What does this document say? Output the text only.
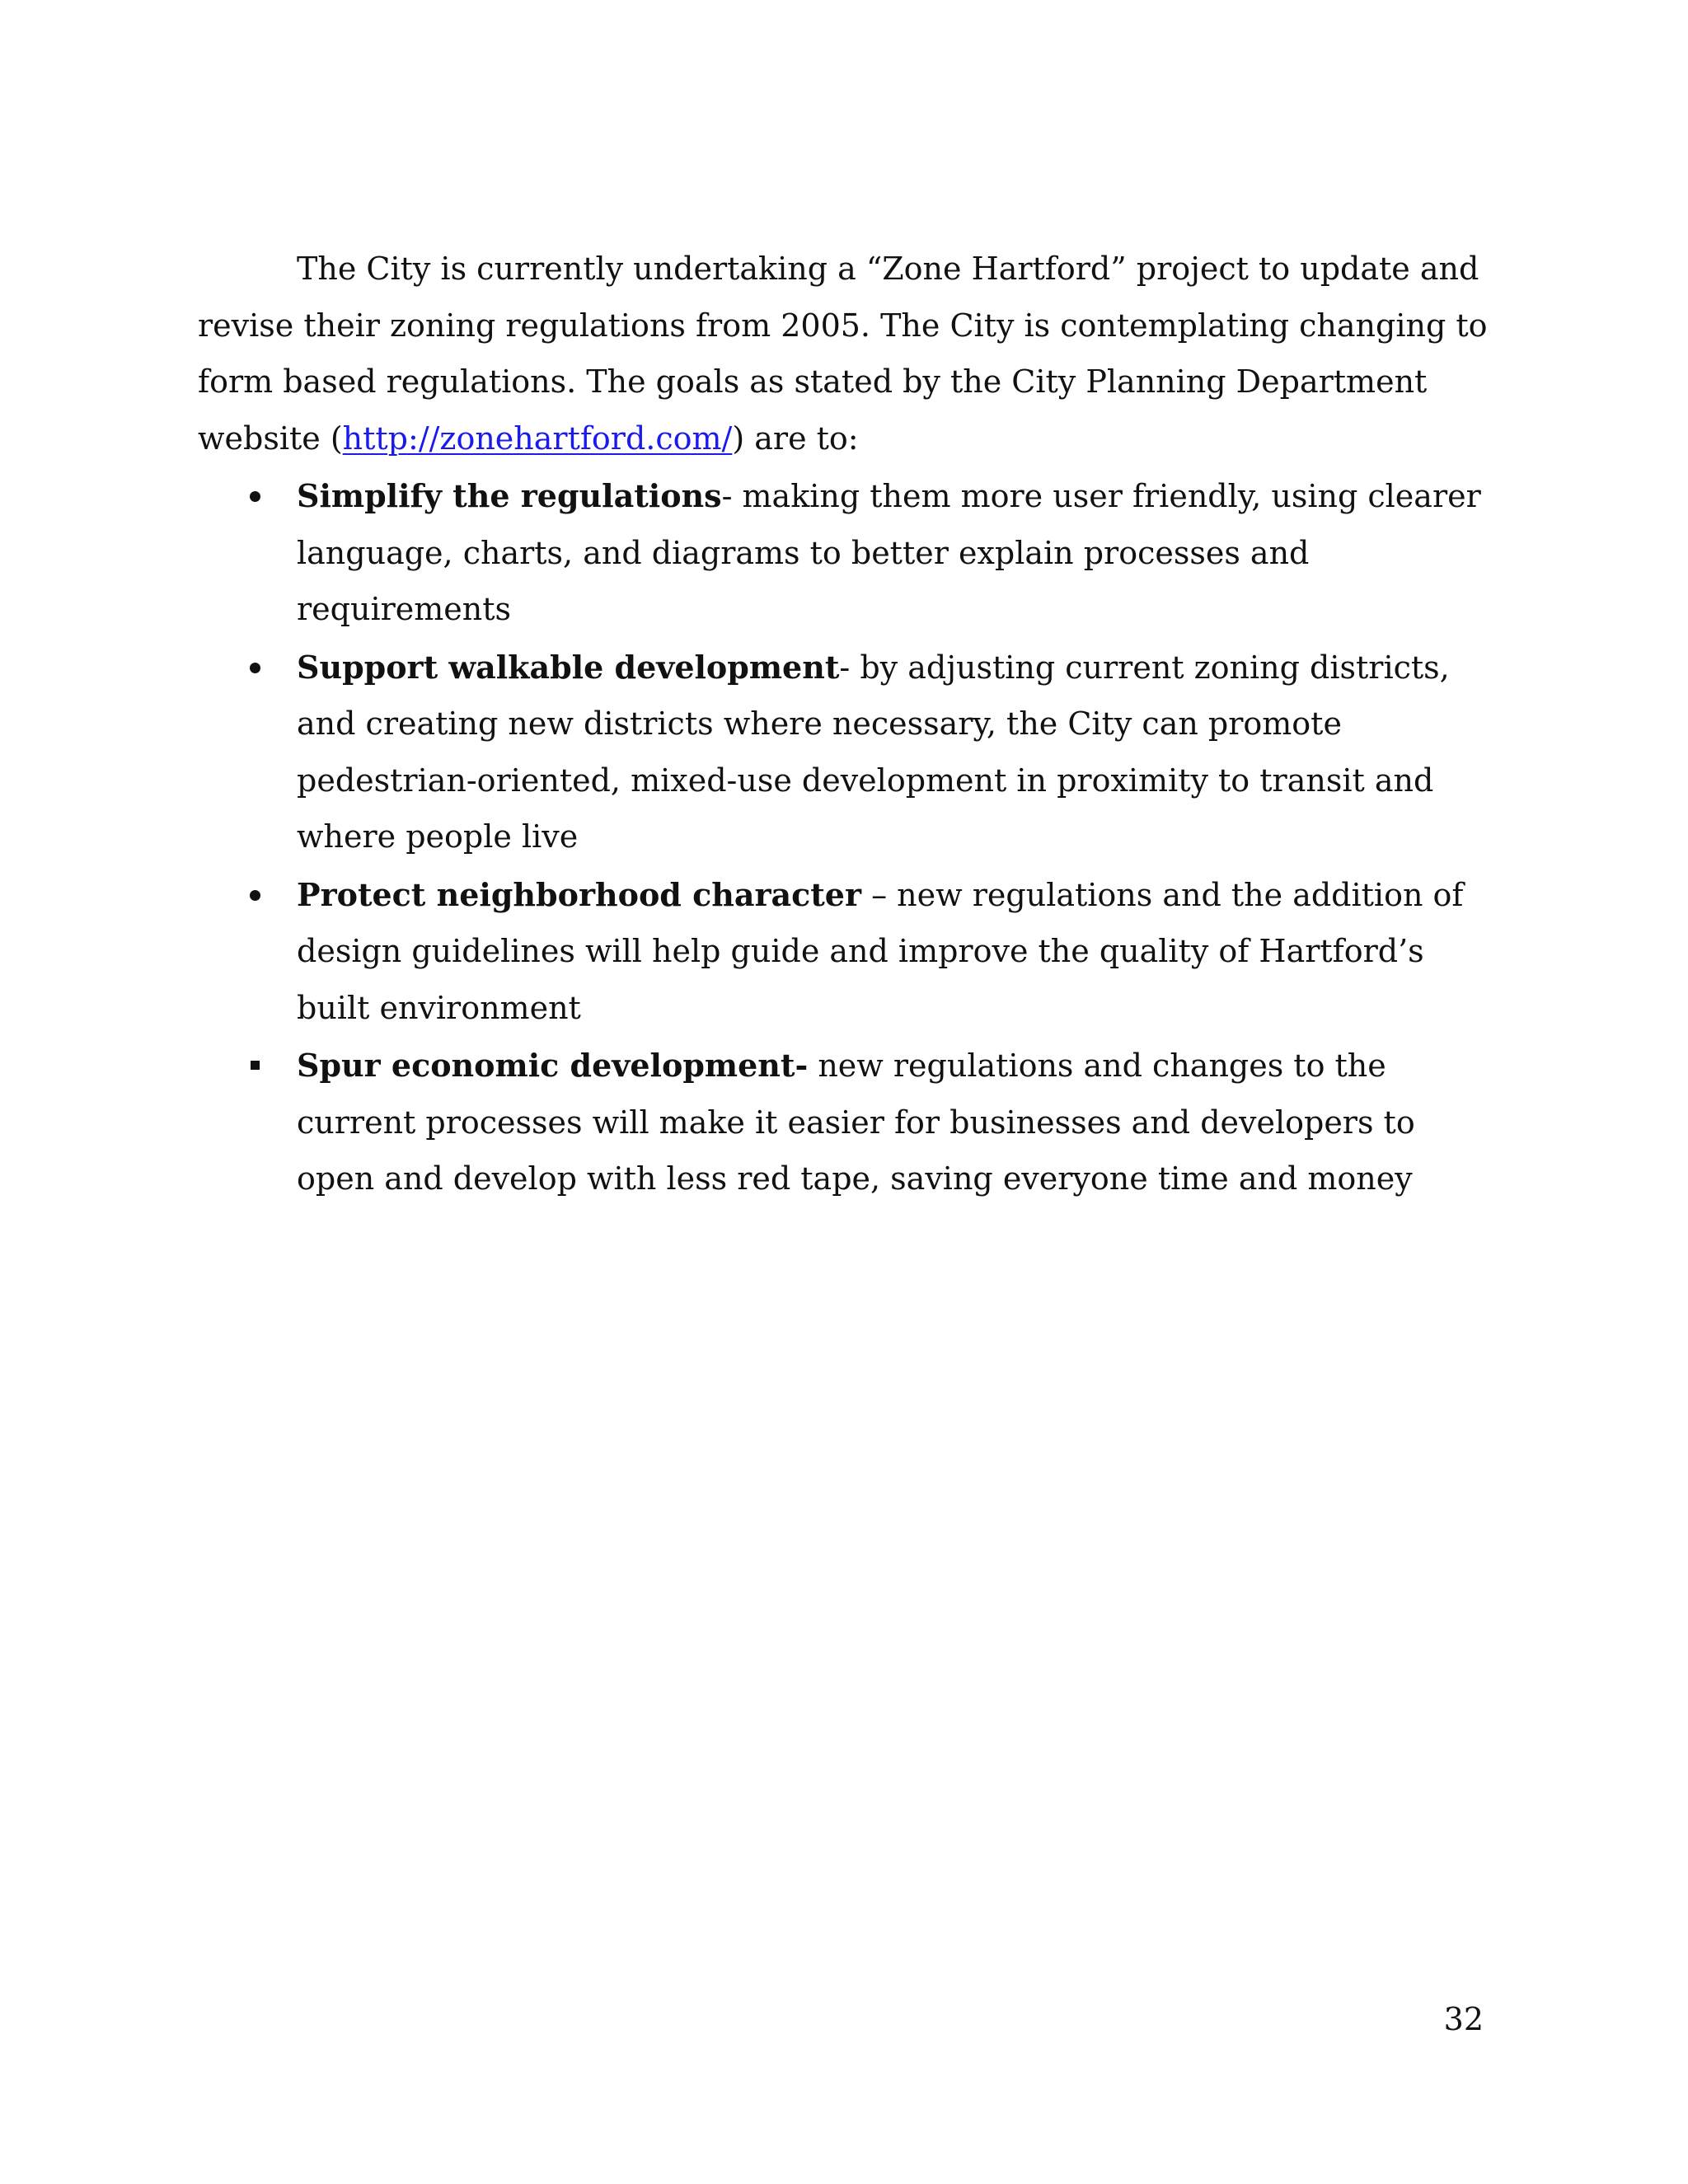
The City is currently undertaking a “Zone Hartford” project to update and revise their zoning regulations from 2005. The City is contemplating changing to form based regulations. The goals as stated by the City Planning Department website (http://zonehartford.com/) are to:

Simplify the regulations- making them more user friendly, using clearer language, charts, and diagrams to better explain processes and requirements
Support walkable development- by adjusting current zoning districts, and creating new districts where necessary, the City can promote pedestrian-oriented, mixed-use development in proximity to transit and where people live
Protect neighborhood character – new regulations and the addition of design guidelines will help guide and improve the quality of Hartford’s built environment
Spur economic development- new regulations and changes to the current processes will make it easier for businesses and developers to open and develop with less red tape, saving everyone time and money
32
